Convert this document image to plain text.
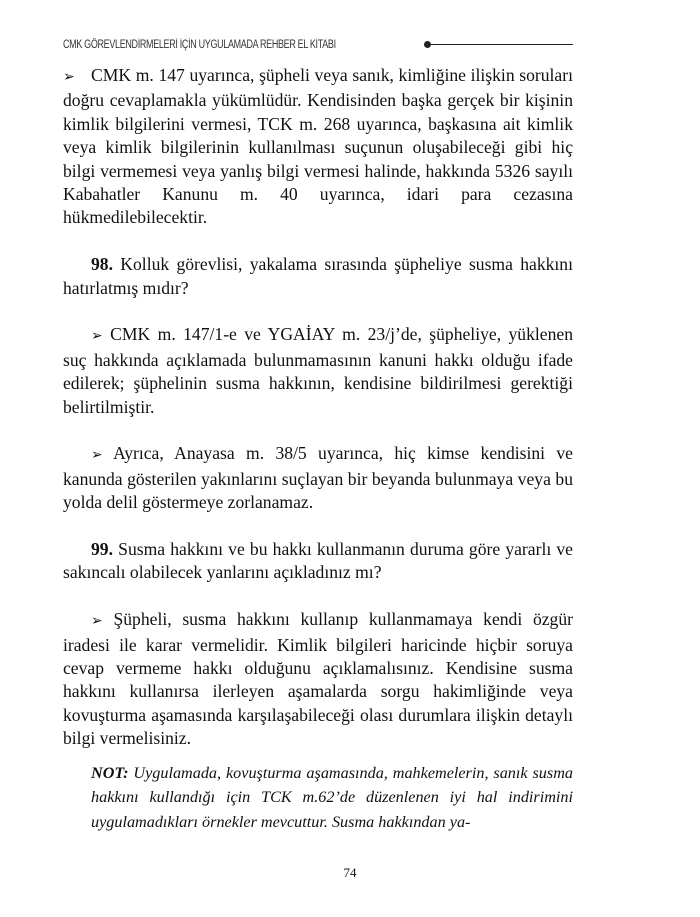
CMK GÖREVLENDİRMELERİ İÇİN UYGULAMADA REHBER EL KİTABI

➢ CMK m. 147 uyarınca, şüpheli veya sanık, kimliğine ilişkin soruları doğru cevaplamakla yükümlüdür. Kendisinden başka gerçek bir kişinin kimlik bilgilerini vermesi, TCK m. 268 uyarınca, başkasına ait kimlik veya kimlik bilgilerinin kullanılması suçunun oluşabileceği gibi hiç bilgi vermemesi veya yanlış bilgi vermesi halinde, hakkında 5326 sayılı Kabahatler Kanunu m. 40 uyarınca, idari para cezasına hükmedilebilecektir.

98. Kolluk görevlisi, yakalama sırasında şüpheliye susma hakkını hatırlatmış mıdır?

➢ CMK m. 147/1-e ve YGAİAY m. 23/j’de, şüpheliye, yüklenen suç hakkında açıklamada bulunmamasının kanuni hakkı olduğu ifade edilerek; şüphelinin susma hakkının, kendisine bildirilmesi gerektiği belirtilmiştir.

➢ Ayrıca, Anayasa m. 38/5 uyarınca, hiç kimse kendisini ve kanunda gösterilen yakınlarını suçlayan bir beyanda bulunmaya veya bu yolda delil göstermeye zorlanamaz.

99. Susma hakkını ve bu hakkı kullanmanın duruma göre yararlı ve sakıncalı olabilecek yanlarını açıkladınız mı?

➢ Şüpheli, susma hakkını kullanıp kullanmamaya kendi özgür iradesi ile karar vermelidir. Kimlik bilgileri haricinde hiçbir soruya cevap vermeme hakkı olduğunu açıklamalısınız. Kendisine susma hakkını kullanırsa ilerleyen aşamalarda sorgu hakimliğinde veya kovuşturma aşamasında karşılaşabileceği olası durumlara ilişkin detaylı bilgi vermelisiniz.

NOT: Uygulamada, kovuşturma aşamasında, mahkemelerin, sanık susma hakkını kullandığı için TCK m.62’de düzenlenen iyi hal indirimini uygulamadıkları örnekler mevcuttur. Susma hakkından ya-

74
